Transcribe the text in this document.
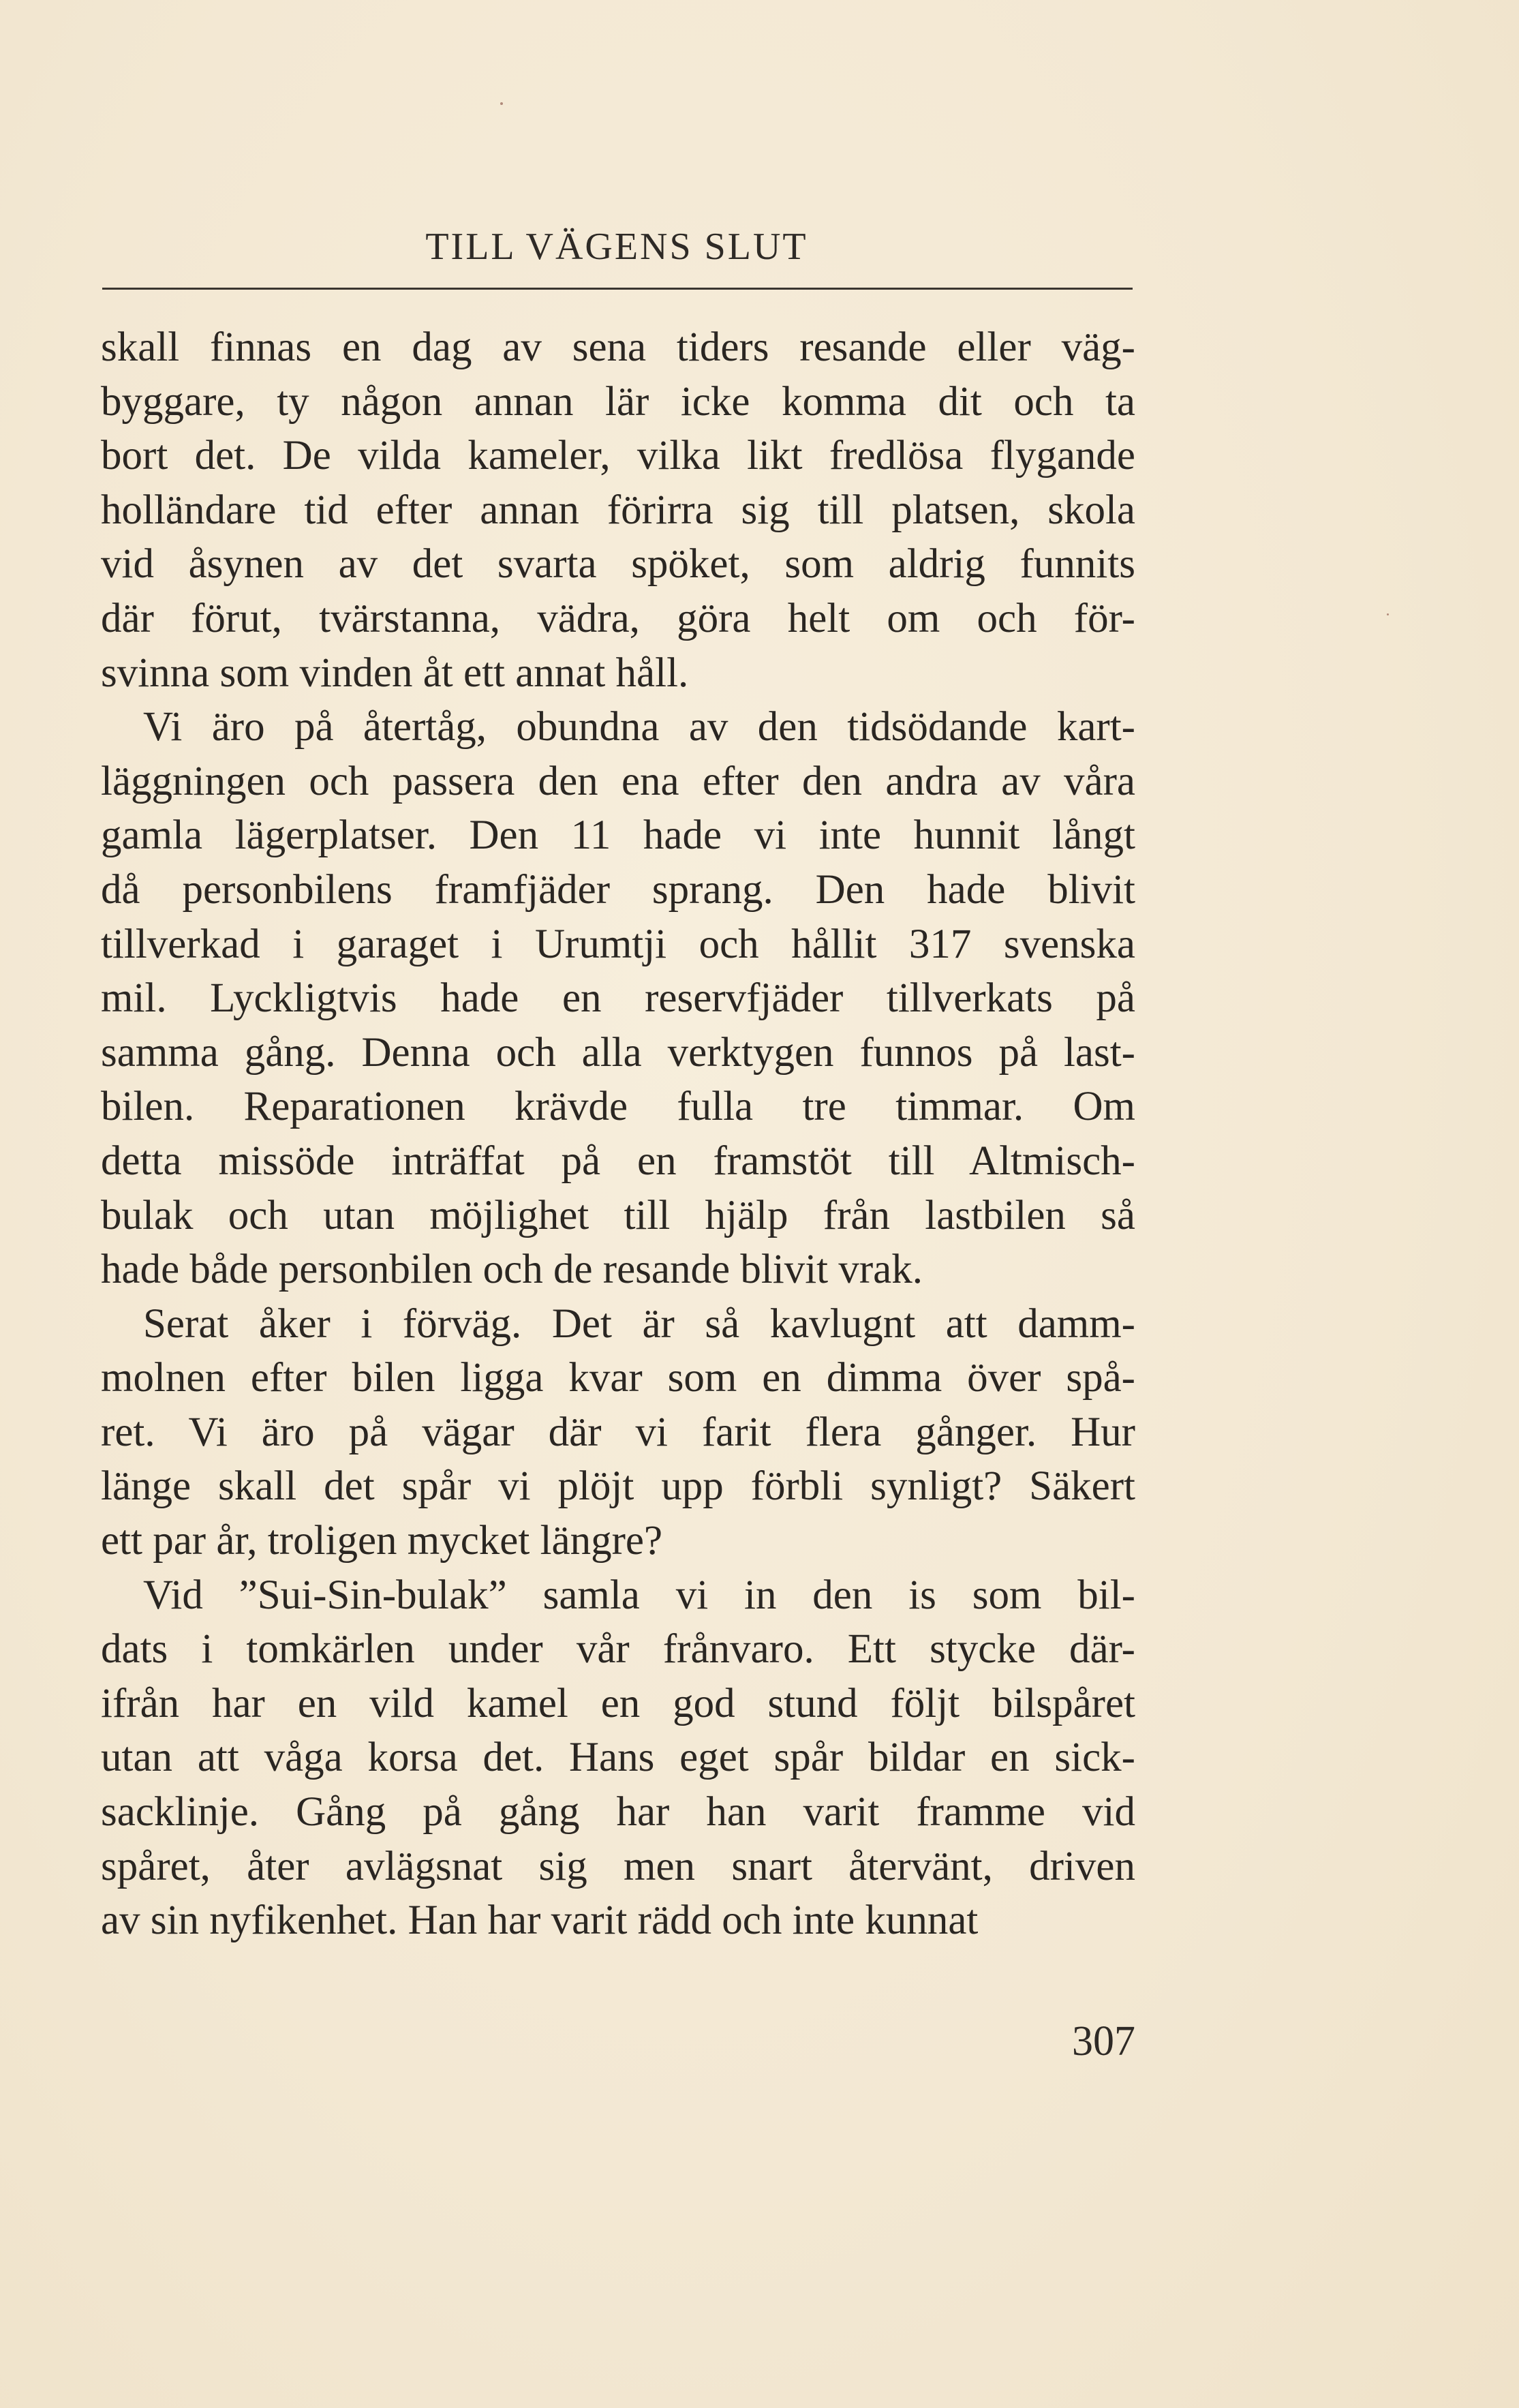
TILL VÄGENS SLUT
skall finnas en dag av sena tiders resande eller väg-
byggare, ty någon annan lär icke komma dit och ta
bort det. De vilda kameler, vilka likt fredlösa flygande
holländare tid efter annan förirra sig till platsen, skola
vid åsynen av det svarta spöket, som aldrig funnits
där förut, tvärstanna, vädra, göra helt om och för-
svinna som vinden åt ett annat håll.
Vi äro på återtåg, obundna av den tidsödande kart-
läggningen och passera den ena efter den andra av våra
gamla lägerplatser. Den 11 hade vi inte hunnit långt
då personbilens framfjäder sprang. Den hade blivit
tillverkad i garaget i Urumtji och hållit 317 svenska
mil. Lyckligtvis hade en reservfjäder tillverkats på
samma gång. Denna och alla verktygen funnos på last-
bilen. Reparationen krävde fulla tre timmar. Om
detta missöde inträffat på en framstöt till Altmisch-
bulak och utan möjlighet till hjälp från lastbilen så
hade både personbilen och de resande blivit vrak.
Serat åker i förväg. Det är så kavlugnt att damm-
molnen efter bilen ligga kvar som en dimma över spå-
ret. Vi äro på vägar där vi farit flera gånger. Hur
länge skall det spår vi plöjt upp förbli synligt? Säkert
ett par år, troligen mycket längre?
Vid ”Sui-Sin-bulak” samla vi in den is som bil-
dats i tomkärlen under vår frånvaro. Ett stycke där-
ifrån har en vild kamel en god stund följt bilspåret
utan att våga korsa det. Hans eget spår bildar en sick-
sacklinje. Gång på gång har han varit framme vid
spåret, åter avlägsnat sig men snart återvänt, driven
av sin nyfikenhet. Han har varit rädd och inte kunnat
307
